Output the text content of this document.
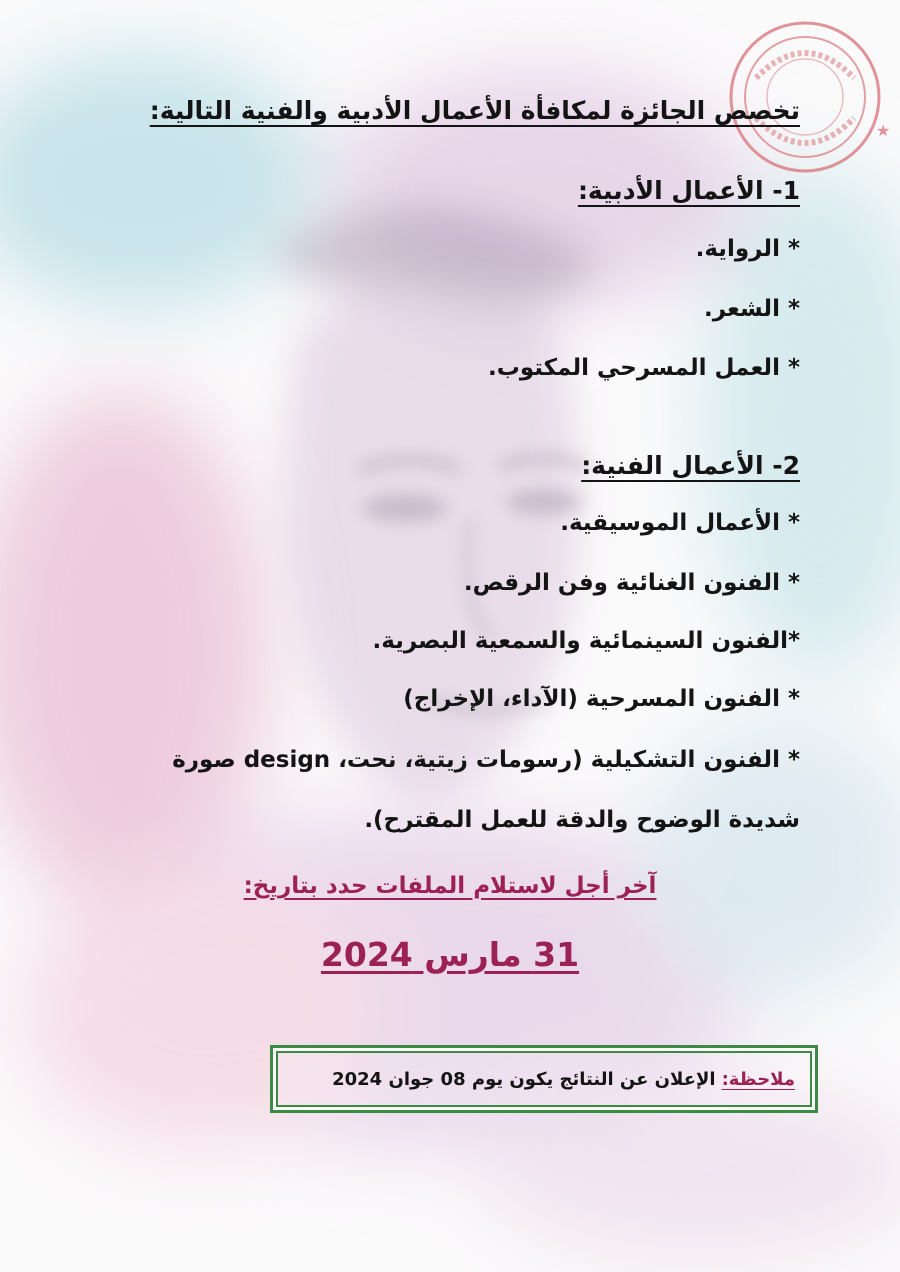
★
تخصص الجائزة لمكافأة الأعمال الأدبية والفنية التالية:
1- الأعمال الأدبية:
* الرواية.
* الشعر.
* العمل المسرحي المكتوب.
2- الأعمال الفنية:
* الأعمال الموسيقية.
* الفنون الغنائية وفن الرقص.
*الفنون السينمائية والسمعية البصرية.
* الفنون المسرحية (الآداء، الإخراج)
* الفنون التشكيلية (رسومات زيتية، نحت، design صورة شديدة الوضوح والدقة للعمل المقترح).
آخر أجل لاستلام الملفات حدد بتاريخ:
31 مارس 2024
ملاحظة:
الإعلان عن النتائج يكون يوم 08 جوان 2024
